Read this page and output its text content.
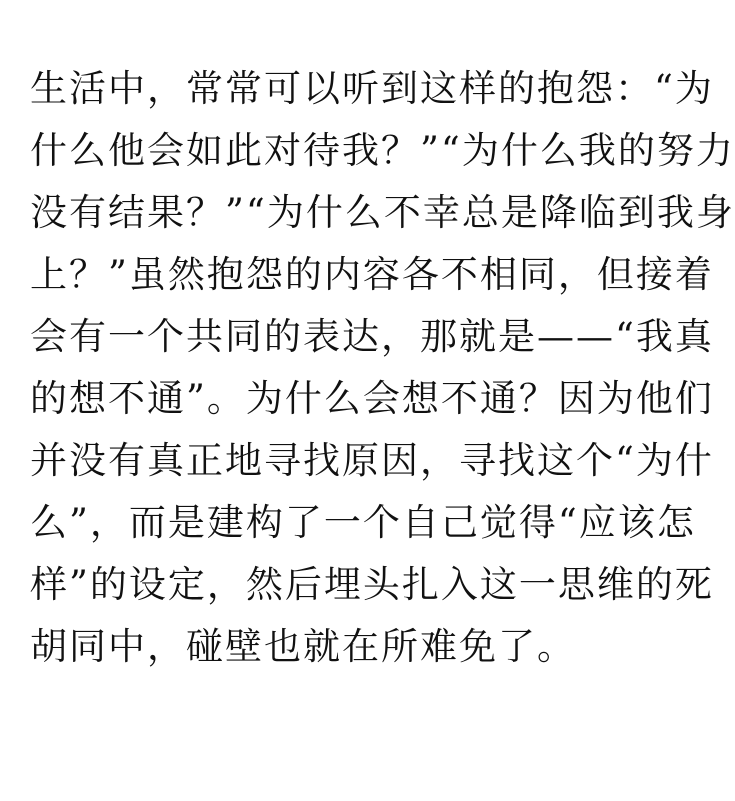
生活中，常常可以听到这样的抱怨：“为
什么他会如此对待我？”“为什么我的努力
没有结果？”“为什么不幸总是降临到我身
上？”虽然抱怨的内容各不相同，但接着
会有一个共同的表达，那就是——“我真
的想不通”。为什么会想不通？因为他们
并没有真正地寻找原因，寻找这个“为什
么”，而是建构了一个自己觉得“应该怎
样”的设定，然后埋头扎入这一思维的死
胡同中，碰壁也就在所难免了。
